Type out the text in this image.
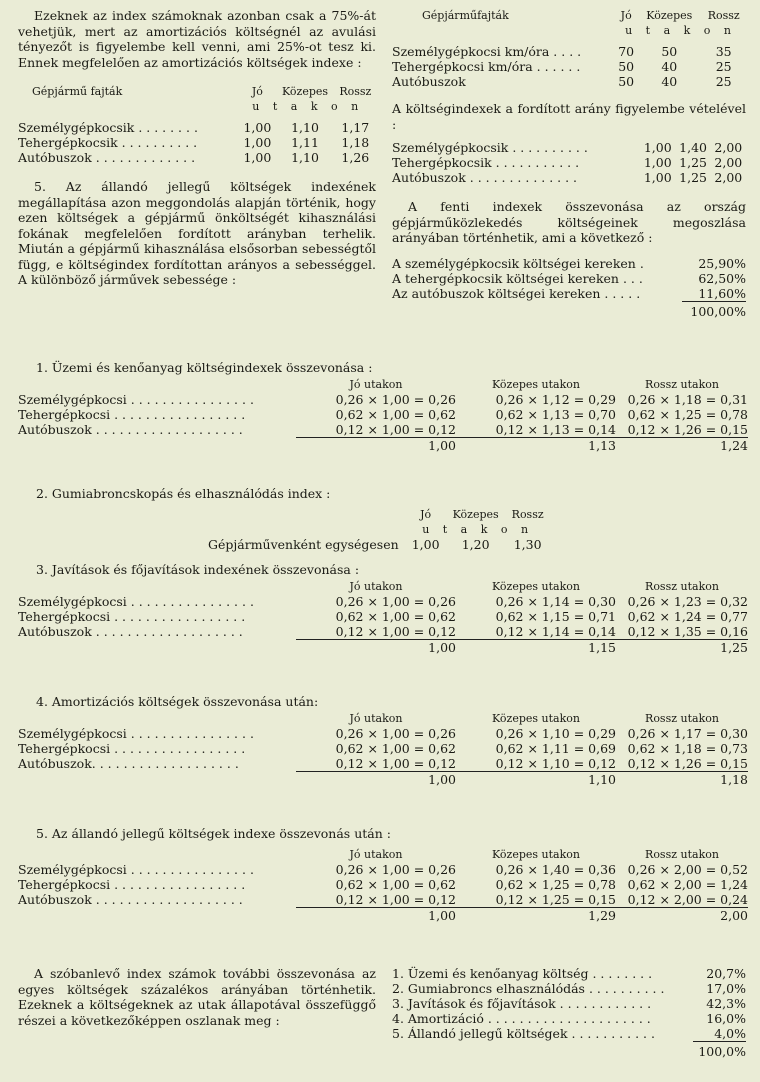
Ezeknek az index számoknak azonban csak a 75%-át vehetjük, mert az amortizációs költségnél az avulási tényezőt is figyelembe kell venni, ami 25%-ot tesz ki. Ennek megfelelően az amortizációs költségek indexe :

Gépjármű fajták	Jó	Közepes	Rossz
	u t a k o n		

Személygépkocsik . . . . . . . .	1,00	1,10	1,17
Tehergépkocsik . . . . . . . . . .	1,00	1,11	1,18
Autóbuszok . . . . . . . . . . . . .	1,00	1,10	1,26

5. Az állandó jellegű költségek indexének megállapítása azon meggondolás alapján történik, hogy ezen költségek a gépjármű önköltségét kihasználási fokának megfelelően fordított arányban terhelik. Miután a gépjármű kihasználása elsősorban sebességtől függ, e költségindex fordítottan arányos a sebességgel. A különböző járművek sebessége :

Gépjárműfajták	Jó	Közepes	Rossz
	u t a k o n		

Személygépkocsi km/óra . . . .	70	50	35
Tehergépkocsi km/óra . . . . . .	50	40	25
Autóbuszok	50	40	25

A költségindexek a fordított arány figyelembe vételével :

Személygépkocsik . . . . . . . . . .	1,00	1,40	2,00
Tehergépkocsik . . . . . . . . . . .	1,00	1,25	2,00
Autóbuszok . . . . . . . . . . . . . .	1,00	1,25	2,00

A fenti indexek összevonása az ország gépjárműközlekedés költségeinek megoszlása arányában történhetik, ami a következő :

A személygépkocsik költségei kereken .	25,90%
A tehergépkocsik költségei kereken . . .	62,50%
Az autóbuszok költségei kereken . . . . .	11,60%
	100,00%
1. Üzemi és kenőanyag költségindexek összevonása :
	Jó utakon	Közepes utakon	Rossz utakon
Személygépkocsi . . . . . . . . . . . . . . . .	0,26 × 1,00 = 0,26	0,26 × 1,12 = 0,29	0,26 × 1,18 = 0,31
Tehergépkocsi . . . . . . . . . . . . . . . . .	0,62 × 1,00 = 0,62	0,62 × 1,13 = 0,70	0,62 × 1,25 = 0,78
Autóbuszok . . . . . . . . . . . . . . . . . . .	0,12 × 1,00 = 0,12	0,12 × 1,13 = 0,14	0,12 × 1,26 = 0,15
	1,00	1,13	1,24
2. Gumiabroncskopás és elhasználódás index :
	Jó	Közepes	Rossz
	u t a k o n		
Gépjárművenként egységesen	1,00	1,20	1,30
3. Javítások és főjavítások indexének összevonása :
	Jó utakon	Közepes utakon	Rossz utakon
Személygépkocsi . . . . . . . . . . . . . . . .	0,26 × 1,00 = 0,26	0,26 × 1,14 = 0,30	0,26 × 1,23 = 0,32
Tehergépkocsi . . . . . . . . . . . . . . . . .	0,62 × 1,00 = 0,62	0,62 × 1,15 = 0,71	0,62 × 1,24 = 0,77
Autóbuszok . . . . . . . . . . . . . . . . . . .	0,12 × 1,00 = 0,12	0,12 × 1,14 = 0,14	0,12 × 1,35 = 0,16
	1,00	1,15	1,25
4. Amortizációs költségek összevonása után:
	Jó utakon	Közepes utakon	Rossz utakon
Személygépkocsi . . . . . . . . . . . . . . . .	0,26 × 1,00 = 0,26	0,26 × 1,10 = 0,29	0,26 × 1,17 = 0,30
Tehergépkocsi . . . . . . . . . . . . . . . . .	0,62 × 1,00 = 0,62	0,62 × 1,11 = 0,69	0,62 × 1,18 = 0,73
Autóbuszok. . . . . . . . . . . . . . . . . . .	0,12 × 1,00 = 0,12	0,12 × 1,10 = 0,12	0,12 × 1,26 = 0,15
	1,00	1,10	1,18
5. Az állandó jellegű költségek indexe összevonás után :
	Jó utakon	Közepes utakon	Rossz utakon
Személygépkocsi . . . . . . . . . . . . . . . .	0,26 × 1,00 = 0,26	0,26 × 1,40 = 0,36	0,26 × 2,00 = 0,52
Tehergépkocsi . . . . . . . . . . . . . . . . .	0,62 × 1,00 = 0,62	0,62 × 1,25 = 0,78	0,62 × 2,00 = 1,24
Autóbuszok . . . . . . . . . . . . . . . . . . .	0,12 × 1,00 = 0,12	0,12 × 1,25 = 0,15	0,12 × 2,00 = 0,24
	1,00	1,29	2,00

A szóbanlevő index számok további összevonása az egyes költségek százalékos arányában történhetik. Ezeknek a költségeknek az utak állapotával összefüggő részei a következőképpen oszlanak meg :

1. Üzemi és kenőanyag költség . . . . . . . .	20,7%
2. Gumiabroncs elhasználódás . . . . . . . . . .	17,0%
3. Javítások és főjavítások . . . . . . . . . . . .	42,3%
4. Amortizáció . . . . . . . . . . . . . . . . . . . . .	16,0%
5. Állandó jellegű költségek . . . . . . . . . . .	4,0%
	100,0%
